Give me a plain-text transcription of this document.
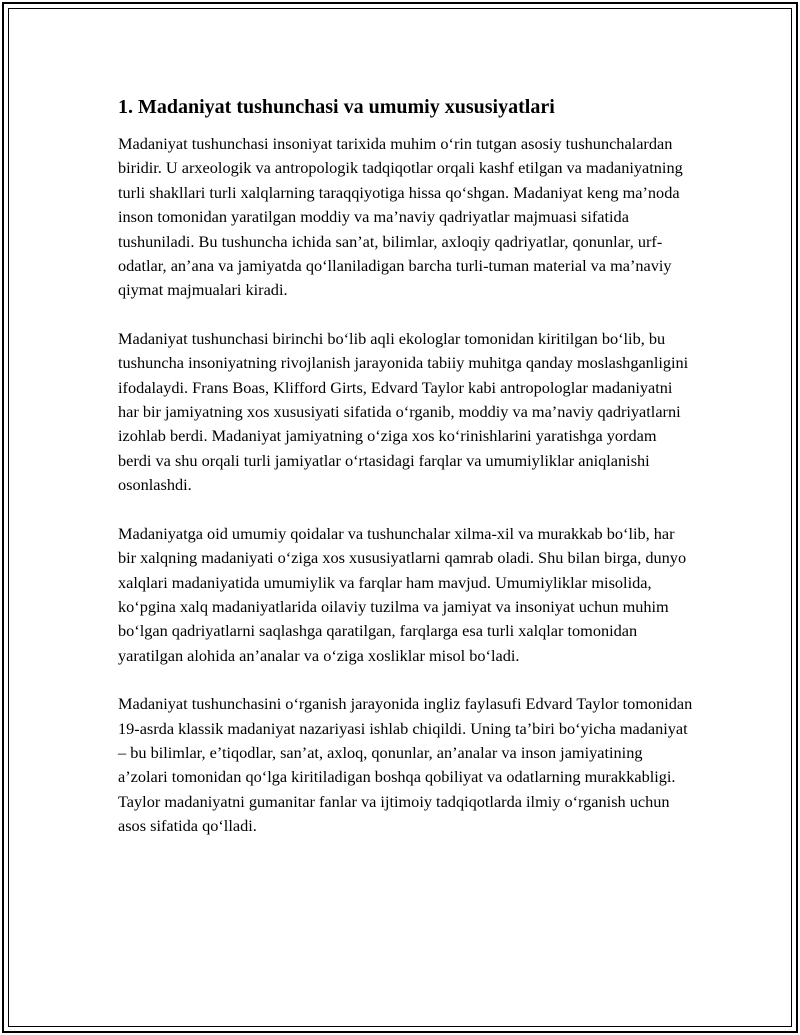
1. Madaniyat tushunchasi va umumiy xususiyatlari

Madaniyat tushunchasi insoniyat tarixida muhim o‘rin tutgan asosiy tushunchalardan biridir. U arxeologik va antropologik tadqiqotlar orqali kashf etilgan va madaniyatning turli shakllari turli xalqlarning taraqqiyotiga hissa qo‘shgan. Madaniyat keng ma’noda inson tomonidan yaratilgan moddiy va ma’naviy qadriyatlar majmuasi sifatida tushuniladi. Bu tushuncha ichida san’at, bilimlar, axloqiy qadriyatlar, qonunlar, urf-odatlar, an’ana va jamiyatda qo‘llaniladigan barcha turli-tuman material va ma’naviy qiymat majmualari kiradi.

Madaniyat tushunchasi birinchi bo‘lib aqli ekologlar tomonidan kiritilgan bo‘lib, bu tushuncha insoniyatning rivojlanish jarayonida tabiiy muhitga qanday moslashganligini ifodalaydi. Frans Boas, Klifford Girts, Edvard Taylor kabi antropologlar madaniyatni har bir jamiyatning xos xususiyati sifatida o‘rganib, moddiy va ma’naviy qadriyatlarni izohlab berdi. Madaniyat jamiyatning o‘ziga xos ko‘rinishlarini yaratishga yordam berdi va shu orqali turli jamiyatlar o‘rtasidagi farqlar va umumiyliklar aniqlanishi osonlashdi.

Madaniyatga oid umumiy qoidalar va tushunchalar xilma-xil va murakkab bo‘lib, har bir xalqning madaniyati o‘ziga xos xususiyatlarni qamrab oladi. Shu bilan birga, dunyo xalqlari madaniyatida umumiylik va farqlar ham mavjud. Umumiyliklar misolida, ko‘pgina xalq madaniyatlarida oilaviy tuzilma va jamiyat va insoniyat uchun muhim bo‘lgan qadriyatlarni saqlashga qaratilgan, farqlarga esa turli xalqlar tomonidan yaratilgan alohida an’analar va o‘ziga xosliklar misol bo‘ladi.

Madaniyat tushunchasini o‘rganish jarayonida ingliz faylasufi Edvard Taylor tomonidan 19-asrda klassik madaniyat nazariyasi ishlab chiqildi. Uning ta’biri bo‘yicha madaniyat – bu bilimlar, e’tiqodlar, san’at, axloq, qonunlar, an’analar va inson jamiyatining a’zolari tomonidan qo‘lga kiritiladigan boshqa qobiliyat va odatlarning murakkabligi. Taylor madaniyatni gumanitar fanlar va ijtimoiy tadqiqotlarda ilmiy o‘rganish uchun asos sifatida qo‘lladi.
